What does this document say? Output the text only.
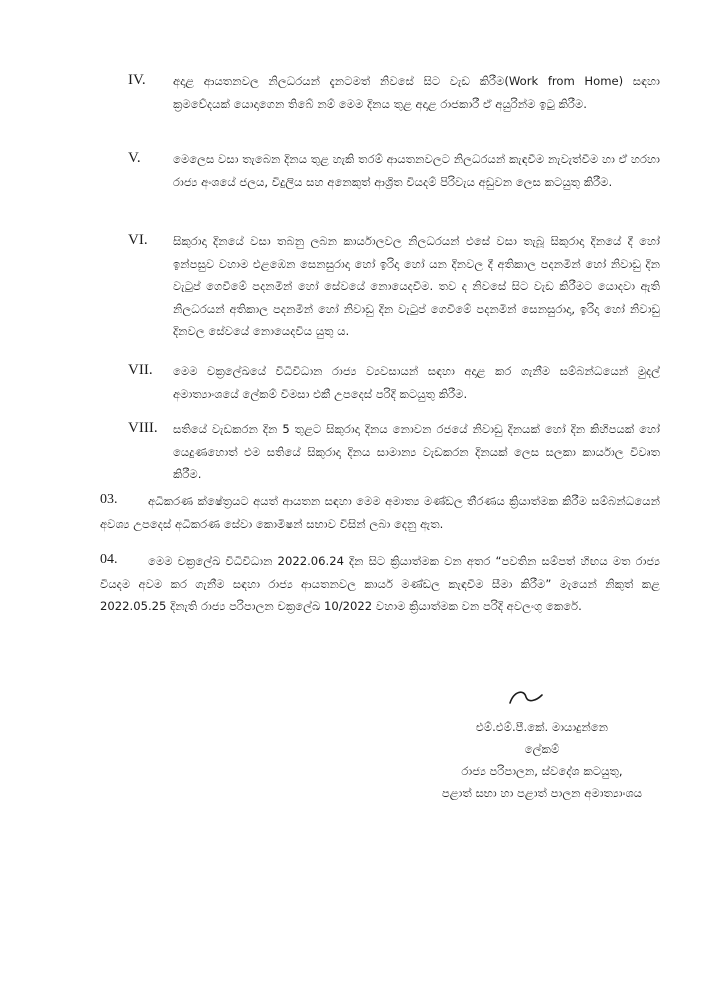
IV. අදාළ ආයතනවල නිලධරයන් දැනටමත් නිවසේ සිට වැඩ කිරීම(Work from Home) සඳහා ක්‍රමවේදයක් යොදාගෙන තිබේ නම් මෙම දිනය තුළ අදාළ රාජකාරී ඒ අයුරින්ම ඉටු කිරීම.
V.	මෙලෙස වසා තැබෙන දිනය තුළ හැකි තරම් ආයතනවලට නිලධරයන් කැඳවීම නැවැත්වීම හා ඒ හරහා රාජ්‍ය අංශයේ ජලය, විදුලිය සහ අනෙකුත් ආශ්‍රිත වියදම් පිරිවැය අඩුවන ලෙස කටයුතු කිරීම.
VI. සිකුරාදා දිනයේ වසා තබනු ලබන කාර්යාලවල නිලධරයන් එසේ වසා තැබූ සිකුරාදා දිනයේ දී හෝ ඉන්පසුව වහාම එළඹෙන සෙනසුරාදා හෝ ඉරිදා හෝ යන දිනවල දී අතිකාල පදනමින් හෝ නිවාඩු දින වැටුප් ගෙවීමේ පදනමින් හෝ සේවයේ නොයෙදවීම. තව ද නිවසේ සිට වැඩ කිරීමට යොදවා ඇති නිලධරයන් අතිකාල පදනමින් හෝ නිවාඩු දින වැටුප් ගෙවීමේ පදනමින් සෙනසුරාදා, ඉරිදා හෝ නිවාඩු දිනවල සේවයේ නොයෙදවිය යුතු ය.
VII. මෙම චක්‍රලේඛයේ විධිවිධාන රාජ්‍ය ව්‍යවසායන් සඳහා අදාළ කර ගැනීම සම්බන්ධයෙන් මුදල් අමාත්‍යාංශයේ ලේකම් විමසා එකී උපදෙස් පරිදි කටයුතු කිරීම.
VIII. සතියේ වැඩකරන දින 5 තුළට සිකුරාදා දිනය නොවන රජයේ නිවාඩු දිනයක් හෝ දින කිහිපයක් හෝ යෙදුණහොත් එම සතියේ සිකුරාදා දිනය සාමාන්‍ය වැඩකරන දිනයක් ලෙස සලකා කාර්යාල විවෘත කිරීම.
03.	අධිකරණ ක්ෂේත්‍රයට අයත් ආයතන සඳහා මෙම අමාත්‍ය මණ්ඩල තීරණය ක්‍රියාත්මක කිරීම සම්බන්ධයෙන් අවශ්‍ය උපදෙස් අධිකරණ සේවා කොමිෂන් සභාව විසින් ලබා දෙනු ඇත.
04.	මෙම චක්‍රලේඛ විධිවිධාන 2022.06.24 දින සිට ක්‍රියාත්මක වන අතර “පවතින සම්පත් හිඟය මත රාජ්‍ය වියදම අවම කර ගැනීම සඳහා රාජ්‍ය ආයතනවල කාර්ය මණ්ඩල කැඳවීම සීමා කිරීම” මැයෙන් නිකුත් කළ 2022.05.25 දිනැති රාජ්‍ය පරිපාලන චක්‍රලේඛ 10/2022 වහාම ක්‍රියාත්මක වන පරිදි අවලංගු කෙරේ.
එම්.එම්.පී.කේ. මායාදුන්නෙ
ලේකම්
රාජ්‍ය පරිපාලන, ස්වදේශ කටයුතු,
පළාත් සභා හා පළාත් පාලන අමාත්‍යාංශය
